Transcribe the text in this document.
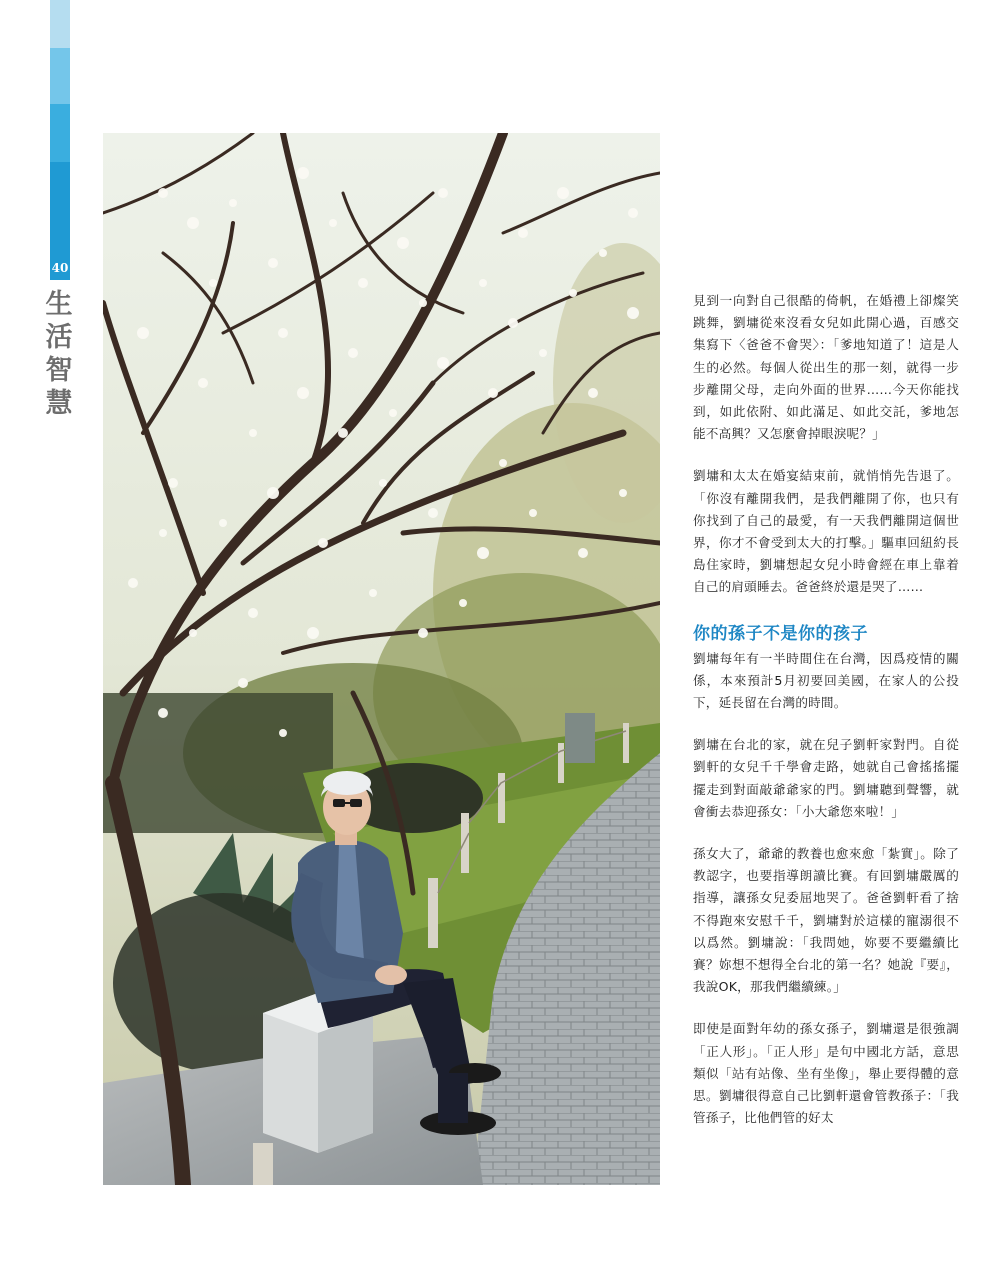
40
生
活
智
慧

見到一向對自己很酷的倚帆，在婚禮上卻燦笑跳舞，劉墉從來沒看女兒如此開心過，百感交集寫下〈爸爸不會哭〉：「爹地知道了！這是人生的必然。每個人從出生的那一刻，就得一步步離開父母，走向外面的世界……今天你能找到，如此依附、如此滿足、如此交託，爹地怎能不高興？又怎麼會掉眼淚呢？」

劉墉和太太在婚宴結束前，就悄悄先告退了。「你沒有離開我們，是我們離開了你，也只有你找到了自己的最愛，有一天我們離開這個世界，你才不會受到太大的打擊。」驅車回紐約長島住家時，劉墉想起女兒小時會經在車上靠着自己的肩頭睡去。爸爸終於還是哭了……

你的孫子不是你的孩子

劉墉每年有一半時間住在台灣，因爲疫情的關係，本來預計5月初要回美國，在家人的公投下，延長留在台灣的時間。

劉墉在台北的家，就在兒子劉軒家對門。自從劉軒的女兒千千學會走路，她就自己會搖搖擺擺走到對面敲爺爺家的門。劉墉聽到聲響，就會衝去恭迎孫女：「小大爺您來啦！」

孫女大了，爺爺的教養也愈來愈「紮實」。除了教認字，也要指導朗讀比賽。有回劉墉嚴厲的指導，讓孫女兒委屈地哭了。爸爸劉軒看了捨不得跑來安慰千千，劉墉對於這樣的寵溺很不以爲然。劉墉說：「我問她，妳要不要繼續比賽？妳想不想得全台北的第一名？她說『要』，我說OK，那我們繼續練。」

即使是面對年幼的孫女孫子，劉墉還是很強調「正人形」。「正人形」是句中國北方話，意思類似「站有站像、坐有坐像」，舉止要得體的意思。劉墉很得意自己比劉軒還會管教孫子：「我管孫子，比他們管的好太
